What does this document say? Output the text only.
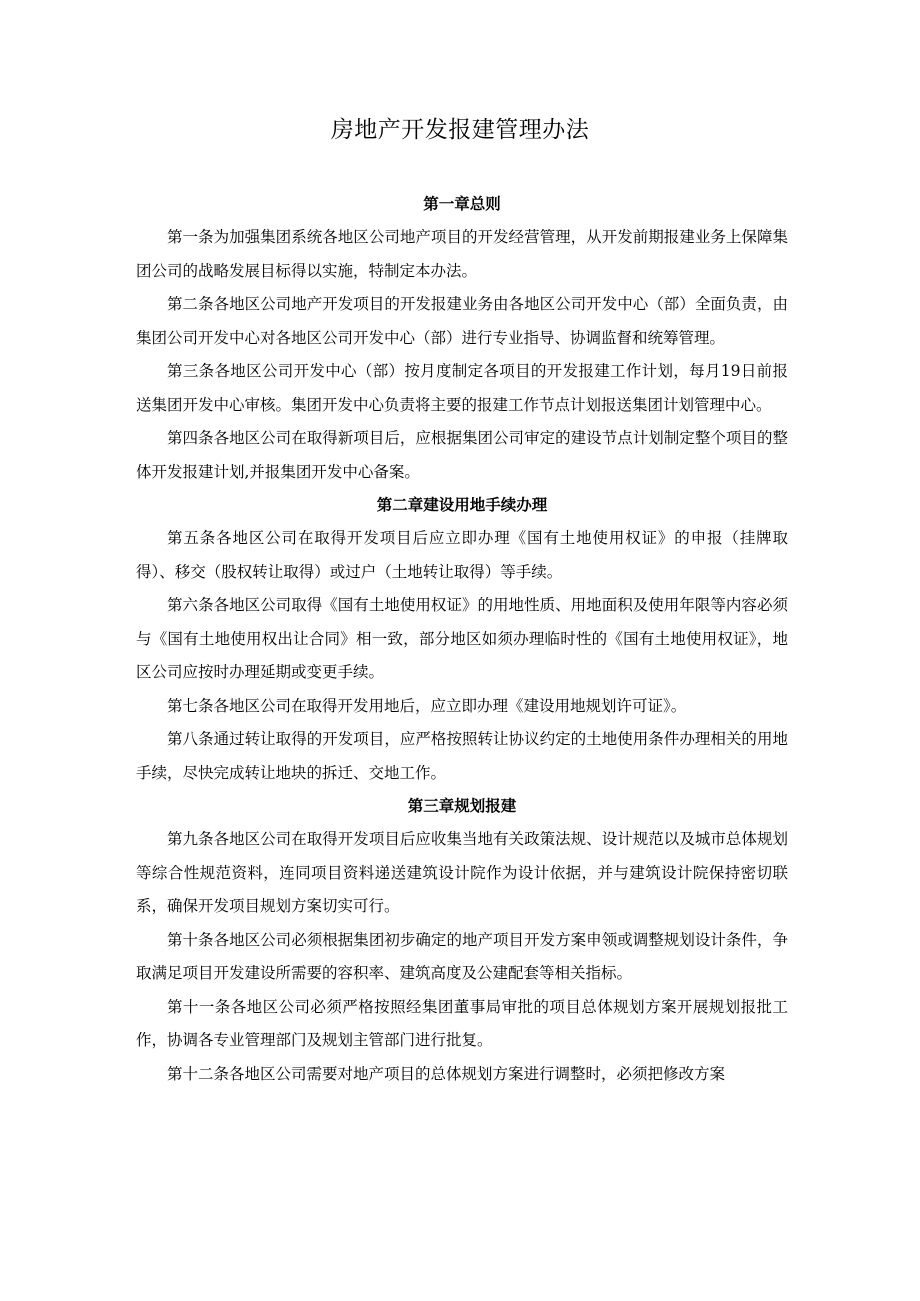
房地产开发报建管理办法
第一章总则

第一条为加强集团系统各地区公司地产项目的开发经营管理，从开发前期报建业务上保障集团公司的战略发展目标得以实施，特制定本办法。

第二条各地区公司地产开发项目的开发报建业务由各地区公司开发中心（部）全面负责，由集团公司开发中心对各地区公司开发中心（部）进行专业指导、协调监督和统筹管理。

第三条各地区公司开发中心（部）按月度制定各项目的开发报建工作计划，每月19日前报送集团开发中心审核。集团开发中心负责将主要的报建工作节点计划报送集团计划管理中心。

第四条各地区公司在取得新项目后，应根据集团公司审定的建设节点计划制定整个项目的整体开发报建计划,并报集团开发中心备案。

第二章建设用地手续办理

第五条各地区公司在取得开发项目后应立即办理《国有土地使用权证》的申报（挂牌取得）、移交（股权转让取得）或过户（土地转让取得）等手续。

第六条各地区公司取得《国有土地使用权证》的用地性质、用地面积及使用年限等内容必须与《国有土地使用权出让合同》相一致，部分地区如须办理临时性的《国有土地使用权证》，地区公司应按时办理延期或变更手续。

第七条各地区公司在取得开发用地后，应立即办理《建设用地规划许可证》。

第八条通过转让取得的开发项目，应严格按照转让协议约定的土地使用条件办理相关的用地手续，尽快完成转让地块的拆迁、交地工作。

第三章规划报建

第九条各地区公司在取得开发项目后应收集当地有关政策法规、设计规范以及城市总体规划等综合性规范资料，连同项目资料递送建筑设计院作为设计依据，并与建筑设计院保持密切联系，确保开发项目规划方案切实可行。

第十条各地区公司必须根据集团初步确定的地产项目开发方案申领或调整规划设计条件，争取满足项目开发建设所需要的容积率、建筑高度及公建配套等相关指标。

第十一条各地区公司必须严格按照经集团董事局审批的项目总体规划方案开展规划报批工作，协调各专业管理部门及规划主管部门进行批复。

第十二条各地区公司需要对地产项目的总体规划方案进行调整时，必须把修改方案
